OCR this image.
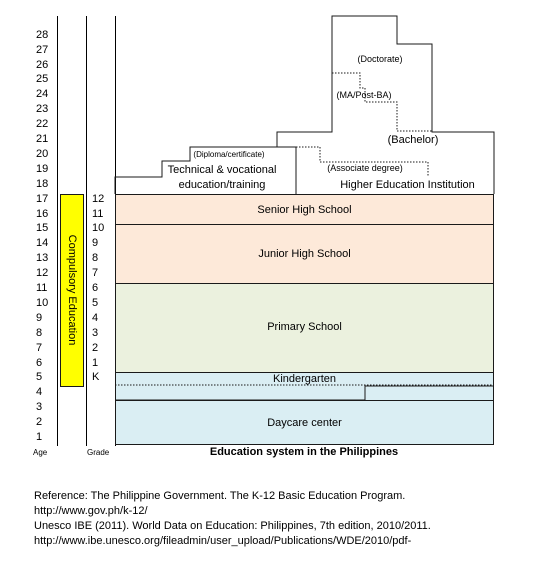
1
2
3
4
5
6
7
8
9
10
11
12
13
14
15
16
17
18
19
20
21
22
23
24
25
26
27
28
K
1
2
3
4
5
6
7
8
9
10
11
12
Age	Grade
Compulsory Education
Daycare center
Kindergarten
Primary School
Junior High School
Senior High School
(Diploma/certificate)
Technical & vocational
education/training
(Associate degree)
Higher Education Institution
(Bachelor)
(MA/Post-BA)
(Doctorate)
Education system in the Philippines
Reference: The Philippine Government. The K-12 Basic Education Program.
http://www.gov.ph/k-12/
Unesco IBE (2011). World Data on Education: Philippines, 7th edition, 2010/2011.
http://www.ibe.unesco.org/fileadmin/user_upload/Publications/WDE/2010/pdf-
